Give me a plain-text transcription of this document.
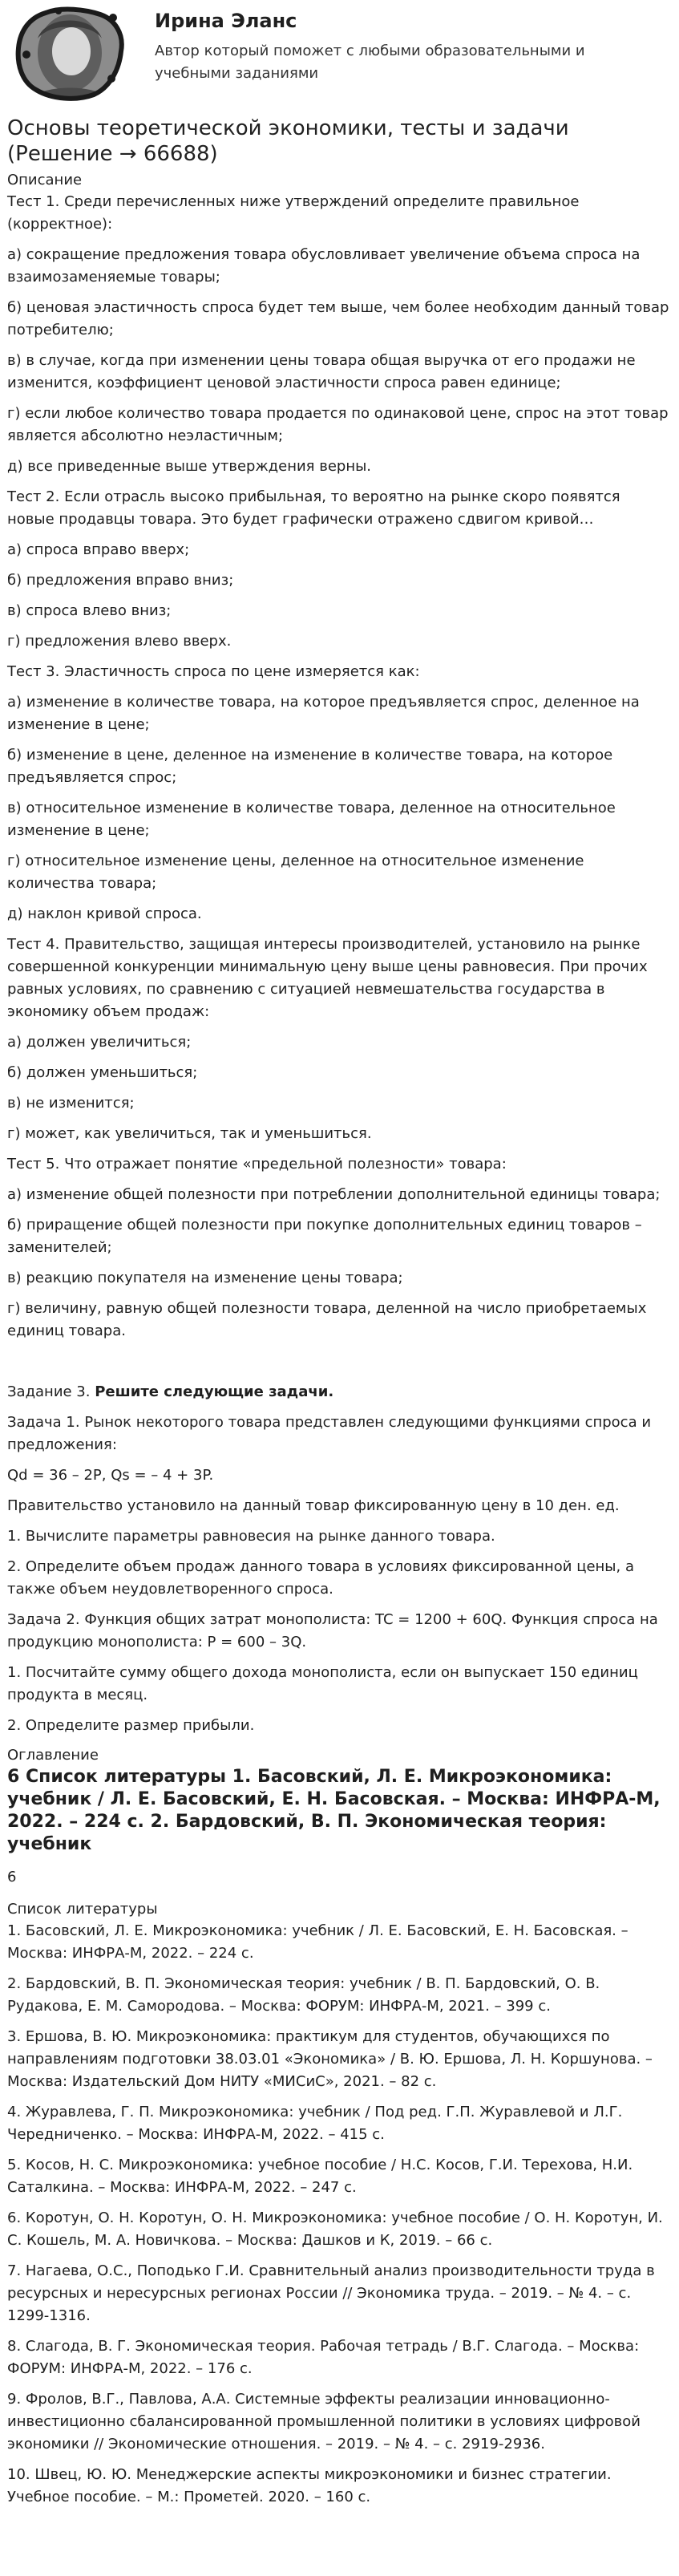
Ирина Эланс
Автор который поможет с любыми образовательными и учебными заданиями
Основы теоретической экономики, тесты и задачи (Решение → 66688)
Описание

Тест 1. Среди перечисленных ниже утверждений определите правильное (корректное):

а) сокращение предложения товара обусловливает увеличение объема спроса на взаимозаменяемые товары;

б) ценовая эластичность спроса будет тем выше, чем более необходим данный товар потребителю;

в) в случае, когда при изменении цены товара общая выручка от его продажи не изменится, коэффициент ценовой эластичности спроса равен единице;

г) если любое количество товара продается по одинаковой цене, спрос на этот товар является абсолютно неэластичным;

д) все приведенные выше утверждения верны.

Тест 2. Если отрасль высоко прибыльная, то вероятно на рынке скоро появятся новые продавцы товара. Это будет графически отражено сдвигом кривой…

а) спроса вправо вверх;

б) предложения вправо вниз;

в) спроса влево вниз;

г) предложения влево вверх.

Тест 3. Эластичность спроса по цене измеряется как:

а) изменение в количестве товара, на которое предъявляется спрос, деленное на изменение в цене;

б) изменение в цене, деленное на изменение в количестве товара, на которое предъявляется спрос;

в) относительное изменение в количестве товара, деленное на относительное изменение в цене;

г) относительное изменение цены, деленное на относительное изменение количества товара;

д) наклон кривой спроса.

Тест 4. Правительство, защищая интересы производителей, установило на рынке совершенной конкуренции минимальную цену выше цены равновесия. При прочих равных условиях, по сравнению с ситуацией невмешательства государства в экономику объем продаж:

а) должен увеличиться;

б) должен уменьшиться;

в) не изменится;

г) может, как увеличиться, так и уменьшиться.

Тест 5. Что отражает понятие «предельной полезности» товара:

а) изменение общей полезности при потреблении дополнительной единицы товара;

б) приращение общей полезности при покупке дополнительных единиц товаров – заменителей;

в) реакцию покупателя на изменение цены товара;

г) величину, равную общей полезности товара, деленной на число приобретаемых единиц товара.

Задание 3. Решите следующие задачи.

Задача 1. Рынок некоторого товара представлен следующими функциями спроса и предложения:

Qd = 36 – 2P, Qs = – 4 + 3P.

Правительство установило на данный товар фиксированную цену в 10 ден. ед.

1. Вычислите параметры равновесия на рынке данного товара.

2. Определите объем продаж данного товара в условиях фиксированной цены, а также объем неудовлетворенного спроса.

Задача 2. Функция общих затрат монополиста: TC = 1200 + 60Q. Функция спроса на продукцию монополиста: P = 600 – 3Q.

1. Посчитайте сумму общего дохода монополиста, если он выпускает 150 единиц продукта в месяц.

2. Определите размер прибыли.

Оглавление
6 Список литературы 1. Басовский, Л. Е. Микроэкономика: учебник / Л. Е. Басовский, Е. Н. Басовская. – Москва: ИНФРА-М, 2022. – 224 с. 2. Бардовский, В. П. Экономическая теория: учебник
6
Список литературы

1. Басовский, Л. Е. Микроэкономика: учебник / Л. Е. Басовский, Е. Н. Басовская. – Москва: ИНФРА-М, 2022. – 224 с.

2. Бардовский, В. П. Экономическая теория: учебник / В. П. Бардовский, О. В. Рудакова, Е. М. Самородова. – Москва: ФОРУМ: ИНФРА-М, 2021. – 399 с.

3. Ершова, В. Ю. Микроэкономика: практикум для студентов, обучающихся по направлениям подготовки 38.03.01 «Экономика» / В. Ю. Ершова, Л. Н. Коршунова. – Москва: Издательский Дом НИТУ «МИСиС», 2021. – 82 с.

4. Журавлева, Г. П. Микроэкономика: учебник / Под ред. Г.П. Журавлевой и Л.Г. Чередниченко. – Москва: ИНФРА-М, 2022. – 415 с.

5. Косов, Н. С. Микроэкономика: учебное пособие / Н.С. Косов, Г.И. Терехова, Н.И. Саталкина. – Москва: ИНФРА-М, 2022. – 247 с.

6. Коротун, О. Н. Коротун, О. Н. Микроэкономика: учебное пособие / О. Н. Коротун, И. С. Кошель, М. А. Новичкова. – Москва: Дашков и К, 2019. – 66 с.

7. Нагаева, О.С., Поподько Г.И. Сравнительный анализ производительности труда в ресурсных и нересурсных регионах России // Экономика труда. – 2019. – № 4. – с. 1299-1316.

8. Слагода, В. Г. Экономическая теория. Рабочая тетрадь / В.Г. Слагода. – Москва: ФОРУМ: ИНФРА-М, 2022. – 176 с.

9. Фролов, В.Г., Павлова, А.А. Системные эффекты реализации инновационно-инвестиционно сбалансированной промышленной политики в условиях цифровой экономики // Экономические отношения. – 2019. – № 4. – с. 2919-2936.

10. Швец, Ю. Ю. Менеджерские аспекты микроэкономики и бизнес стратегии. Учебное пособие. – М.: Прометей. 2020. – 160 с.
